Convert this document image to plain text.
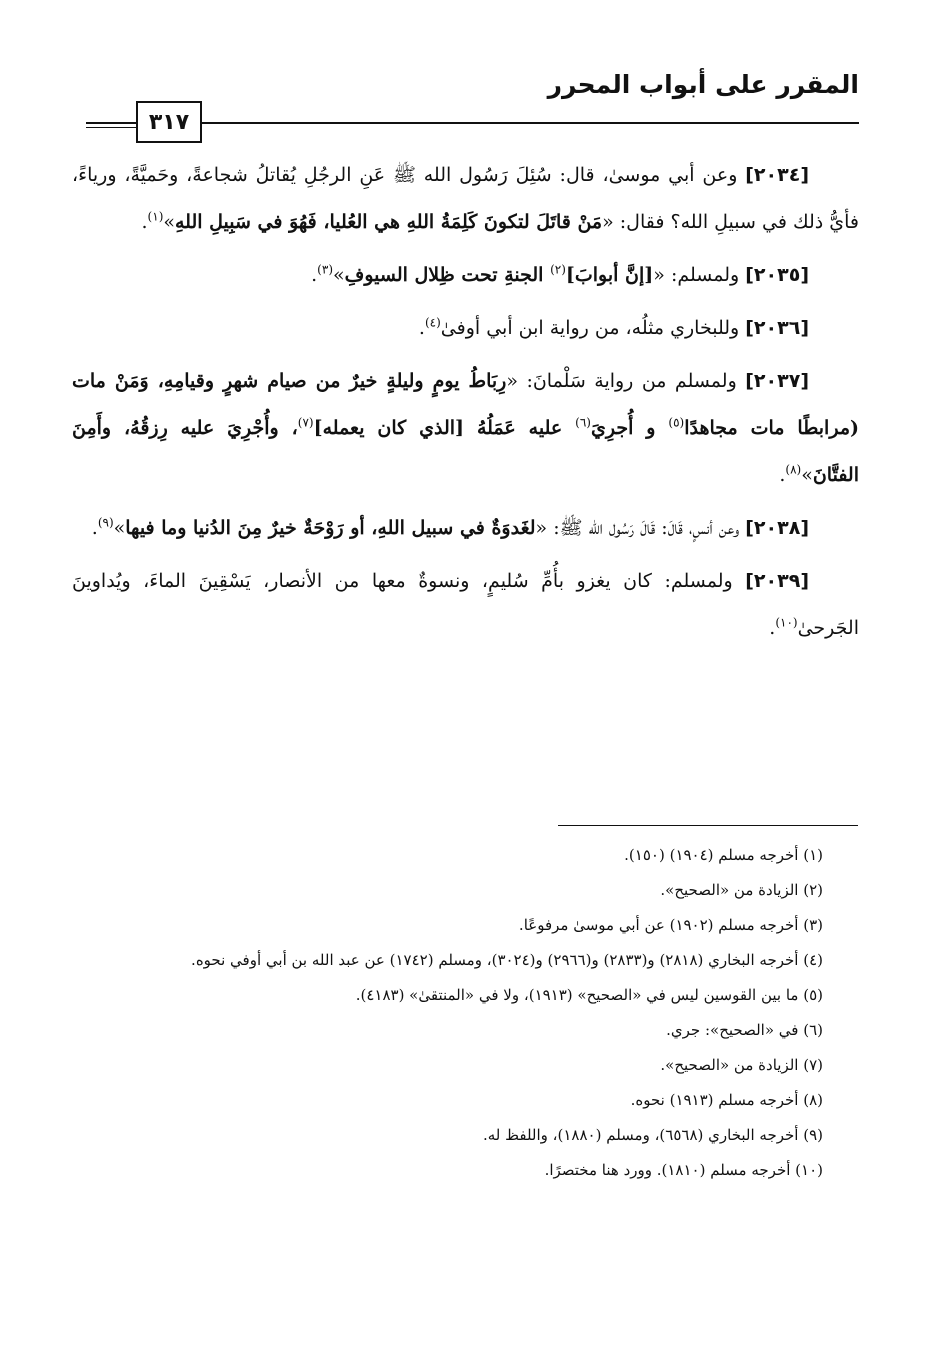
المقرر على أبواب المحرر
٣١٧

[٢٠٣٤] وعن أبي موسىٰ، قال: سُئِلَ رَسُول الله ﷺ عَنِ الرجُلِ يُقاتلُ شجاعةً، وحَميَّةً، ورياءً، فأيُّ ذلك في سبيلِ الله؟ فقال: «مَنْ قاتَلَ لتكونَ كَلِمَةُ اللهِ هي العُليا، فَهُوَ في سَبِيلِ اللهِ»$^{(١)}$.

[٢٠٣٥] ولمسلم: «[إنَّ أبوابَ]$^{(٢)}$ الجنةِ تحت ظِلال السيوفِ»$^{(٣)}$.

[٢٠٣٦] وللبخاري مثلُه، من رواية ابن أبي أوفىٰ$^{(٤)}$.

[٢٠٣٧] ولمسلم من رواية سَلْمانَ: «رِبَاطُ يومٍ وليلةٍ خيرٌ من صيام شهرٍ وقيامِهِ، وَمَنْ مات (مرابطًا مات مجاهدًا$^{(٥)}$ و أُجرِيَ$^{(٦)}$ عليه عَمَلُهُ [الذي كان يعمله]$^{(٧)}$، وأُجْرِيَ عليه رِزقُهُ، وأَمِنَ الفتَّانَ»$^{(٨)}$.

[٢٠٣٨] وعن أنسٍ، قَالَ: قَالَ رَسُول الله ﷺ: «لغَدوَةٌ في سبيل اللهِ، أو رَوْحَةٌ خيرٌ مِنَ الدُنيا وما فيها»$^{(٩)}$.

[٢٠٣٩] ولمسلم: كان يغزو بأُمِّ سُليمٍ، ونسوةٌ معها من الأنصار، يَسْقِينَ الماءَ، ويُداوينَ الجَرحىٰ$^{(١٠)}$.

(١) أخرجه مسلم (١٩٠٤) (١٥٠).

(٢) الزيادة من «الصحيح».

(٣) أخرجه مسلم (١٩٠٢) عن أبي موسىٰ مرفوعًا.

(٤) أخرجه البخاري (٢٨١٨) و(٢٨٣٣) و(٢٩٦٦) و(٣٠٢٤)، ومسلم (١٧٤٢) عن عبد الله بن أبي أوفي نحوه.

(٥) ما بين القوسين ليس في «الصحيح» (١٩١٣)، ولا في «المنتقىٰ» (٤١٨٣).

(٦) في «الصحيح»: جري.

(٧) الزيادة من «الصحيح».

(٨) أخرجه مسلم (١٩١٣) نحوه.

(٩) أخرجه البخاري (٦٥٦٨)، ومسلم (١٨٨٠)، واللفظ له.

(١٠) أخرجه مسلم (١٨١٠). وورد هنا مختصرًا.
